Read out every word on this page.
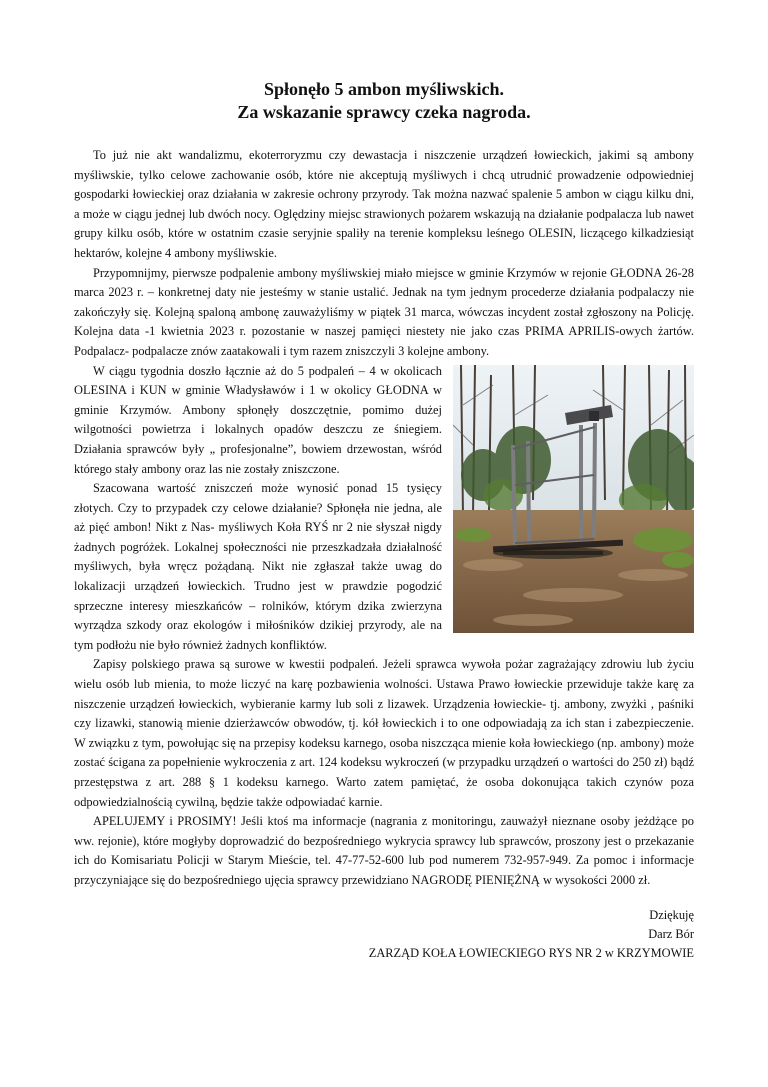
Spłonęło 5 ambon myśliwskich.
Za wskazanie sprawcy czeka nagroda.

To już nie akt wandalizmu, ekoterroryzmu czy dewastacja i niszczenie urządzeń łowieckich, jakimi są ambony myśliwskie, tylko celowe zachowanie osób, które nie akceptują myśliwych i chcą utrudnić prowadzenie odpowiedniej gospodarki łowieckiej oraz działania w zakresie ochrony przyrody. Tak można nazwać spalenie 5 ambon w ciągu kilku dni, a może w ciągu jednej lub dwóch nocy. Oględziny miejsc strawionych pożarem wskazują na działanie podpalacza lub nawet grupy kilku osób, które w ostatnim czasie seryjnie spaliły na terenie kompleksu leśnego OLESIN, liczącego kilkadziesiąt hektarów, kolejne 4 ambony myśliwskie.

Przypomnijmy, pierwsze podpalenie ambony myśliwskiej miało miejsce w gminie Krzymów w rejonie GŁODNA 26-28 marca 2023 r. – konkretnej daty nie jesteśmy w stanie ustalić. Jednak na tym jednym procederze działania podpalaczy nie zakończyły się. Kolejną spaloną ambonę zauważyliśmy w piątek 31 marca, wówczas incydent został zgłoszony na Policję. Kolejna data -1 kwietnia 2023 r. pozostanie w naszej pamięci niestety nie jako czas PRIMA APRILIS-owych żartów. Podpalacz- podpalacze znów zaatakowali i tym razem zniszczyli 3 kolejne ambony.

W ciągu tygodnia doszło łącznie aż do 5 podpaleń – 4 w okolicach OLESINA i KUN w gminie Władysławów i 1 w okolicy GŁODNA w gminie Krzymów. Ambony spłonęły doszczętnie, pomimo dużej wilgotności powietrza i lokalnych opadów deszczu ze śniegiem. Działania sprawców były „ profesjonalne”, bowiem drzewostan, wśród którego stały ambony oraz las nie zostały zniszczone.

Szacowana wartość zniszczeń może wynosić ponad 15 tysięcy złotych. Czy to przypadek czy celowe działanie? Spłonęła nie jedna, ale aż pięć ambon! Nikt z Nas- myśliwych Koła RYŚ nr 2 nie słyszał nigdy żadnych pogróżek. Lokalnej społeczności nie przeszkadzała działalność myśliwych, była wręcz pożądaną. Nikt nie zgłaszał także uwag do lokalizacji urządzeń łowieckich. Trudno jest w prawdzie pogodzić sprzeczne interesy mieszkańców – rolników, którym dzika zwierzyna wyrządza szkody oraz ekologów i miłośników dzikiej przyrody, ale na tym podłożu nie było również żadnych konfliktów.

Zapisy polskiego prawa są surowe w kwestii podpaleń. Jeżeli sprawca wywoła pożar zagrażający zdrowiu lub życiu wielu osób lub mienia, to może liczyć na karę pozbawienia wolności. Ustawa Prawo łowieckie przewiduje także karę za niszczenie urządzeń łowieckich, wybieranie karmy lub soli z lizawek. Urządzenia łowieckie- tj. ambony, zwyżki , paśniki czy lizawki, stanowią mienie dzierżawców obwodów, tj. kół łowieckich i to one odpowiadają za ich stan i zabezpieczenie. W związku z tym, powołując się na przepisy kodeksu karnego, osoba niszcząca mienie koła łowieckiego (np. ambony) może zostać ścigana za popełnienie wykroczenia z art. 124 kodeksu wykroczeń (w przypadku urządzeń o wartości do 250 zł) bądź przestępstwa z art. 288 § 1 kodeksu karnego. Warto zatem pamiętać, że osoba dokonująca takich czynów poza odpowiedzialnością cywilną, będzie także odpowiadać karnie.

APELUJEMY i PROSIMY! Jeśli ktoś ma informacje (nagrania z monitoringu, zauważył nieznane osoby jeżdżące po ww. rejonie), które mogłyby doprowadzić do bezpośredniego wykrycia sprawcy lub sprawców, proszony jest o przekazanie ich do Komisariatu Policji w Starym Mieście, tel. 47-77-52-600 lub pod numerem 732-957-949. Za pomoc i informacje przyczyniające się do bezpośredniego ujęcia sprawcy przewidziano NAGRODĘ PIENIĘŻNĄ w wysokości 2000 zł.

Dziękuję
Darz Bór
ZARZĄD KOŁA ŁOWIECKIEGO RYS NR 2 w KRZYMOWIE
